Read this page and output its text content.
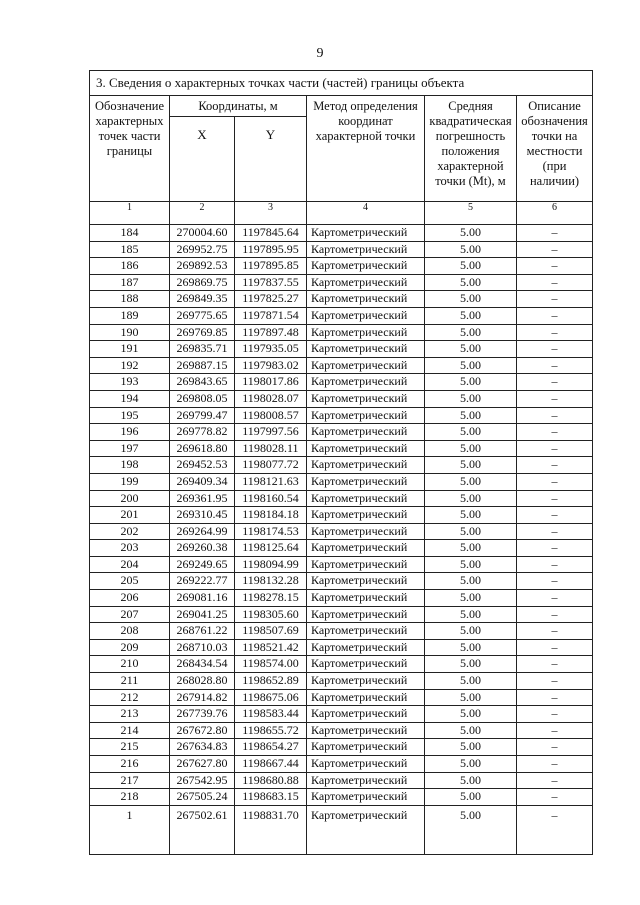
9
3. Сведения о характерных точках части (частей) границы объекта					
Обозначение характерных точек части границы	Координаты, м		Метод определения координат характерной точки	Средняя квадратическая погрешность положения характерной точки (Mt), м	Описание обозначения точки на местности (при наличии)
	X	Y			
1	2	3	4	5	6
184	270004.60	1197845.64	Картометрический	5.00	–
185	269952.75	1197895.95	Картометрический	5.00	–
186	269892.53	1197895.85	Картометрический	5.00	–
187	269869.75	1197837.55	Картометрический	5.00	–
188	269849.35	1197825.27	Картометрический	5.00	–
189	269775.65	1197871.54	Картометрический	5.00	–
190	269769.85	1197897.48	Картометрический	5.00	–
191	269835.71	1197935.05	Картометрический	5.00	–
192	269887.15	1197983.02	Картометрический	5.00	–
193	269843.65	1198017.86	Картометрический	5.00	–
194	269808.05	1198028.07	Картометрический	5.00	–
195	269799.47	1198008.57	Картометрический	5.00	–
196	269778.82	1197997.56	Картометрический	5.00	–
197	269618.80	1198028.11	Картометрический	5.00	–
198	269452.53	1198077.72	Картометрический	5.00	–
199	269409.34	1198121.63	Картометрический	5.00	–
200	269361.95	1198160.54	Картометрический	5.00	–
201	269310.45	1198184.18	Картометрический	5.00	–
202	269264.99	1198174.53	Картометрический	5.00	–
203	269260.38	1198125.64	Картометрический	5.00	–
204	269249.65	1198094.99	Картометрический	5.00	–
205	269222.77	1198132.28	Картометрический	5.00	–
206	269081.16	1198278.15	Картометрический	5.00	–
207	269041.25	1198305.60	Картометрический	5.00	–
208	268761.22	1198507.69	Картометрический	5.00	–
209	268710.03	1198521.42	Картометрический	5.00	–
210	268434.54	1198574.00	Картометрический	5.00	–
211	268028.80	1198652.89	Картометрический	5.00	–
212	267914.82	1198675.06	Картометрический	5.00	–
213	267739.76	1198583.44	Картометрический	5.00	–
214	267672.80	1198655.72	Картометрический	5.00	–
215	267634.83	1198654.27	Картометрический	5.00	–
216	267627.80	1198667.44	Картометрический	5.00	–
217	267542.95	1198680.88	Картометрический	5.00	–
218	267505.24	1198683.15	Картометрический	5.00	–
1	267502.61	1198831.70	Картометрический	5.00	–
